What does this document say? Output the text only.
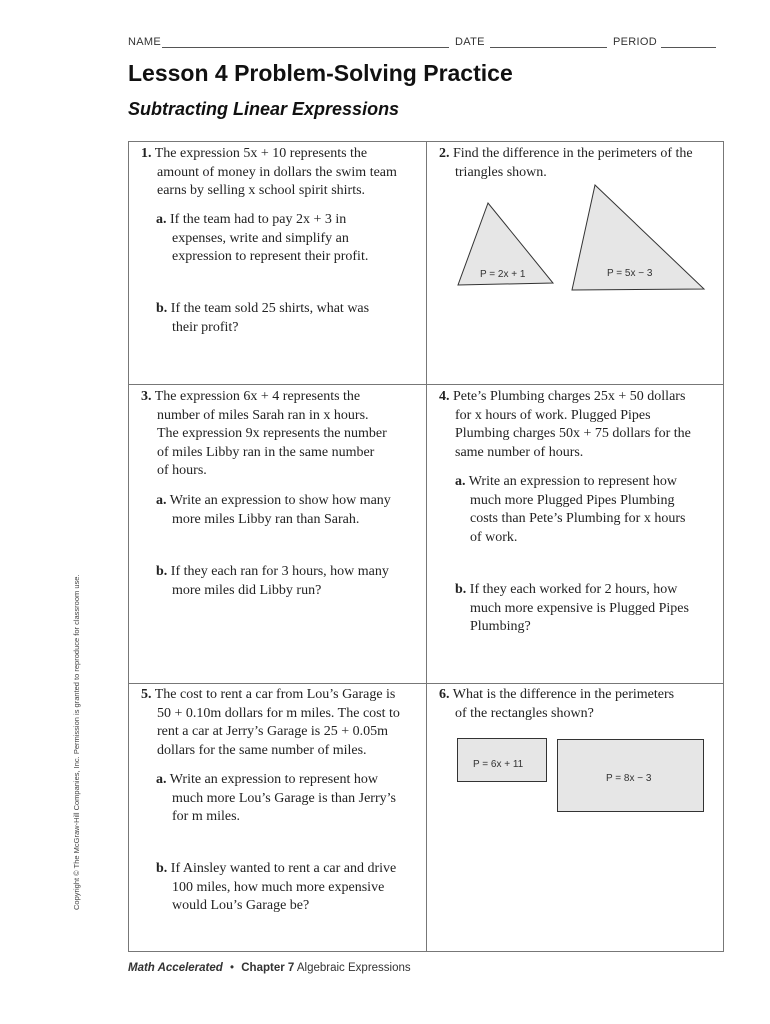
NAME	DATE	PERIOD
Lesson 4 Problem-Solving Practice
Subtracting Linear Expressions
1. The expression 5x + 10 represents the
amount of money in dollars the swim team
earns by selling x school spirit shirts.
a. If the team had to pay 2x + 3 in
expenses, write and simplify an
expression to represent their profit.
b. If the team sold 25 shirts, what was
their profit?
2. Find the difference in the perimeters of the
triangles shown.
P = 2x + 1	P = 5x − 3
3. The expression 6x + 4 represents the
number of miles Sarah ran in x hours.
The expression 9x represents the number
of miles Libby ran in the same number
of hours.
a. Write an expression to show how many
more miles Libby ran than Sarah.
b. If they each ran for 3 hours, how many
more miles did Libby run?
4. Pete’s Plumbing charges 25x + 50 dollars
for x hours of work. Plugged Pipes
Plumbing charges 50x + 75 dollars for the
same number of hours.
a. Write an expression to represent how
much more Plugged Pipes Plumbing
costs than Pete’s Plumbing for x hours
of work.
b. If they each worked for 2 hours, how
much more expensive is Plugged Pipes
Plumbing?
5. The cost to rent a car from Lou’s Garage is
50 + 0.10m dollars for m miles. The cost to
rent a car at Jerry’s Garage is 25 + 0.05m
dollars for the same number of miles.
a. Write an expression to represent how
much more Lou’s Garage is than Jerry’s
for m miles.
b. If Ainsley wanted to rent a car and drive
100 miles, how much more expensive
would Lou’s Garage be?
6. What is the difference in the perimeters
of the rectangles shown?
P = 6x + 11
P = 8x − 3
Copyright © The McGraw-Hill Companies, Inc. Permission is granted to reproduce for classroom use.
Math Accelerated • Chapter 7 Algebraic Expressions
